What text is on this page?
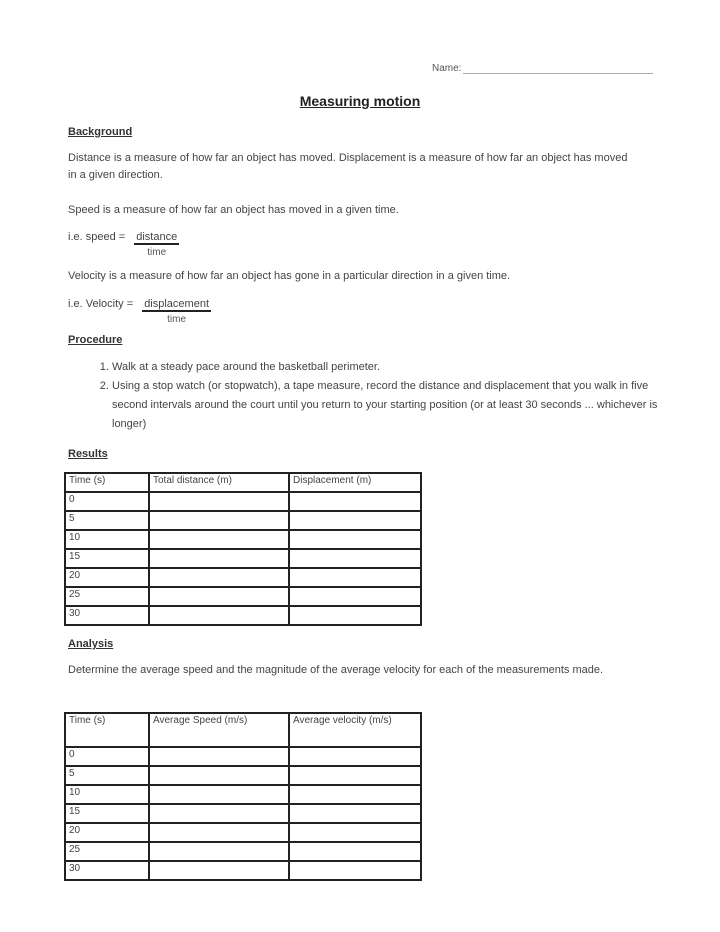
Name:
Measuring motion
Background
Distance is a measure of how far an object has moved. Displacement is a measure of how far an object has moved in a given direction.
Speed is a measure of how far an object has moved in a given time.
i.e. speed = $\frac{\text{distance}}{\text{time}}$
Velocity is a measure of how far an object has gone in a particular direction in a given time.
i.e. Velocity = $\frac{\text{displacement}}{\text{time}}$
Procedure
1. Walk at a steady pace around the basketball perimeter.
2. Using a stop watch (or stopwatch), a tape measure, record the distance and displacement that you walk in five second intervals around the court until you return to your starting position (or at least 30 seconds ... whichever is longer)
Results
Time (s)	Total distance (m)	Displacement (m)
0		
5		
10		
15		
20		
25		
30		
Analysis
Determine the average speed and the magnitude of the average velocity for each of the measurements made.
Time (s)	Average Speed (m/s)	Average velocity (m/s)
0		
5		
10		
15		
20		
25		
30		
